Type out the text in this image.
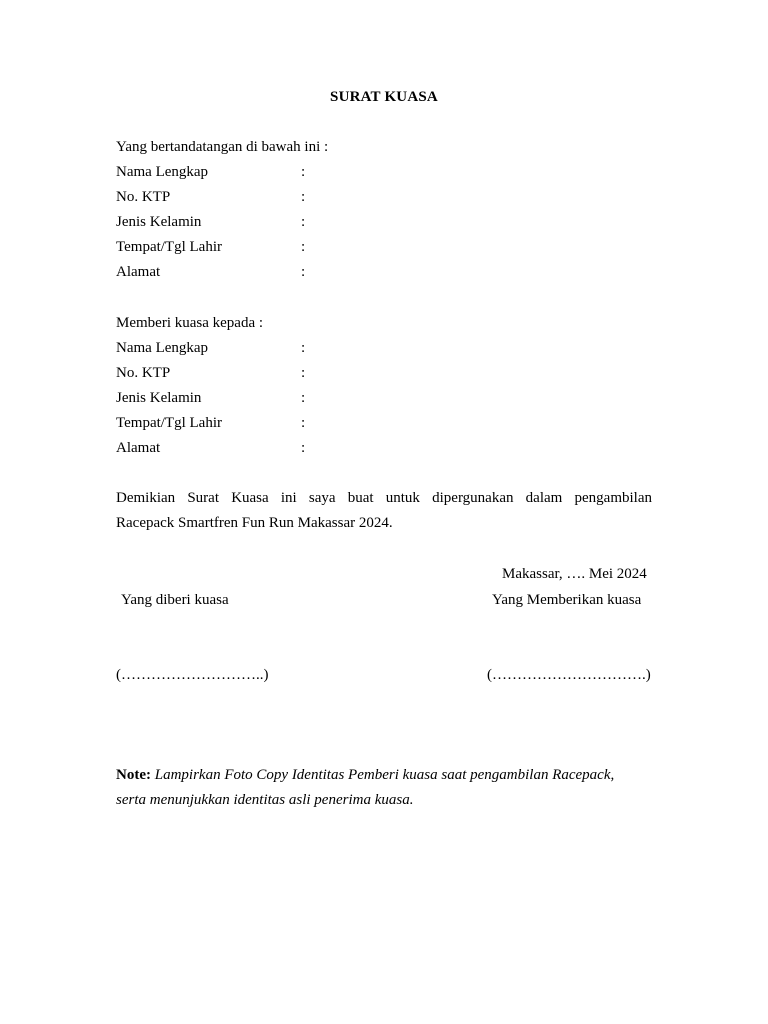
SURAT KUASA
Yang bertandatangan di bawah ini :
Nama Lengkap	:
No. KTP	:
Jenis Kelamin	:
Tempat/Tgl Lahir	:
Alamat	:
Memberi kuasa kepada :
Nama Lengkap	:
No. KTP	:
Jenis Kelamin	:
Tempat/Tgl Lahir	:
Alamat	:
Demikian Surat Kuasa ini saya buat untuk dipergunakan dalam pengambilan
Racepack Smartfren Fun Run Makassar 2024.
Makassar, …. Mei 2024
Yang diberi kuasa	Yang Memberikan kuasa
(………………………..)	(………………………….)
Note: Lampirkan Foto Copy Identitas Pemberi kuasa saat pengambilan Racepack,
serta menunjukkan identitas asli penerima kuasa.
